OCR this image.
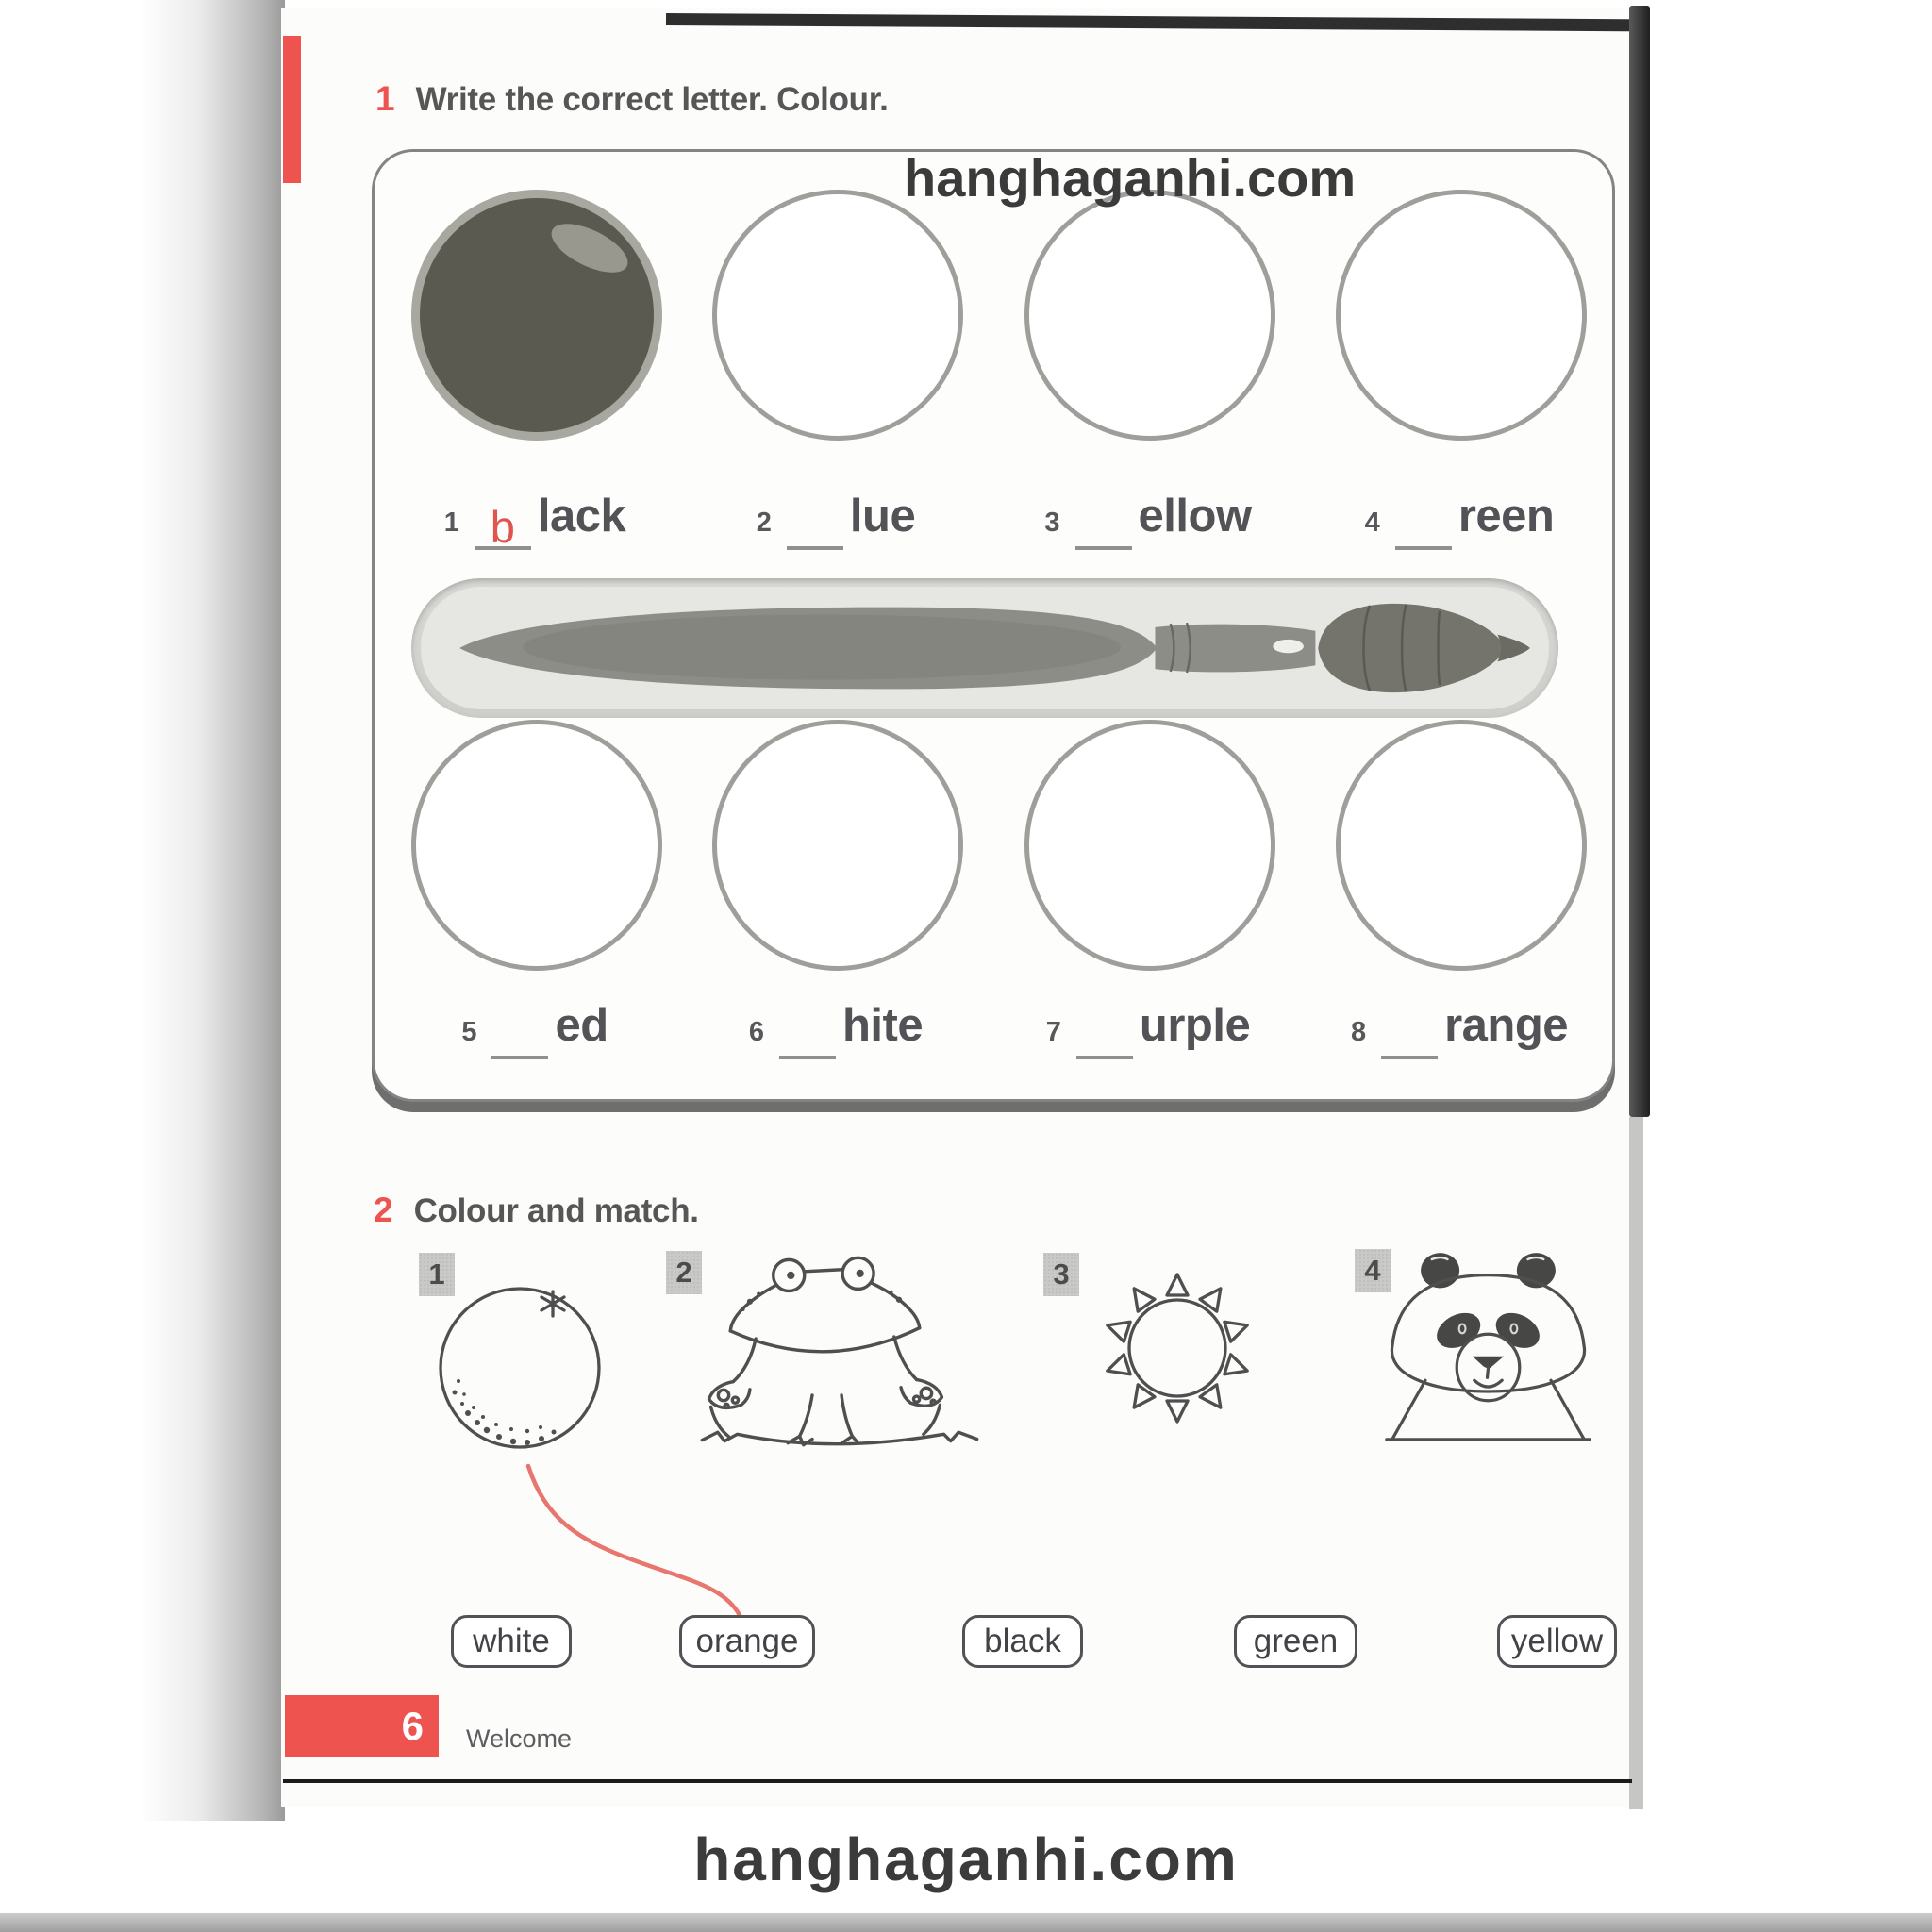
1 Write the correct letter. Colour.
1 b lack	2 lue	3 ellow	4 reen
5 ed	6 hite	7 urple	8 range
hanghaganhi.com
2 Colour and match.
1	2	3	4
white	orange	black	green	yellow
6 Welcome
hanghaganhi.com
